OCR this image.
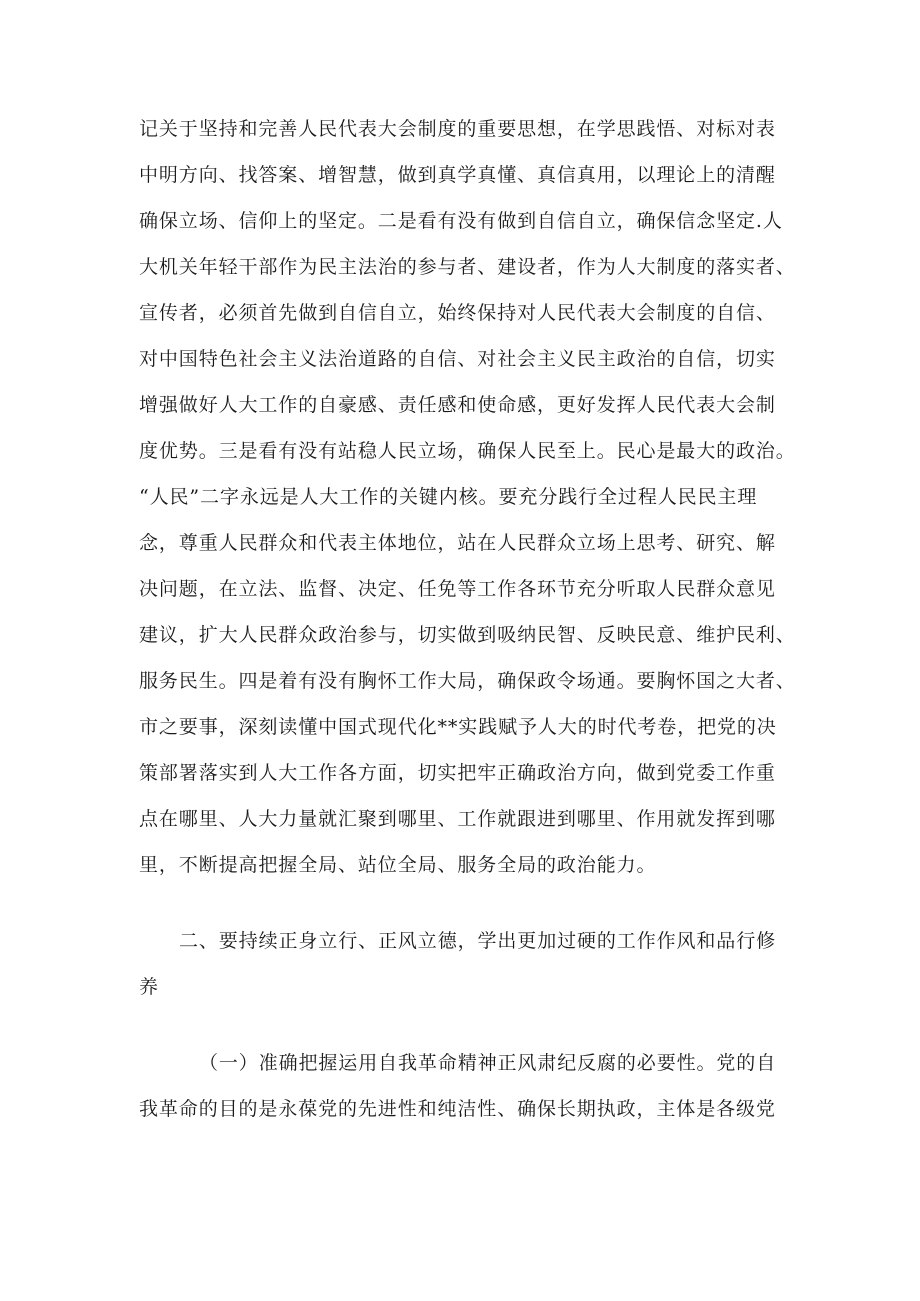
记关于坚持和完善人民代表大会制度的重要思想，在学思践悟、对标对表
中明方向、找答案、增智慧，做到真学真懂、真信真用，以理论上的清醒
确保立场、信仰上的坚定。二是看有没有做到自信自立，确保信念坚定.人
大机关年轻干部作为民主法治的参与者、建设者，作为人大制度的落实者、
宣传者，必须首先做到自信自立，始终保持对人民代表大会制度的自信、
对中国特色社会主义法治道路的自信、对社会主义民主政治的自信，切实
增强做好人大工作的自豪感、责任感和使命感，更好发挥人民代表大会制
度优势。三是看有没有站稳人民立场，确保人民至上。民心是最大的政治。
“人民”二字永远是人大工作的关键内核。要充分践行全过程人民民主理
念，尊重人民群众和代表主体地位，站在人民群众立场上思考、研究、解
决问题，在立法、监督、决定、任免等工作各环节充分听取人民群众意见
建议，扩大人民群众政治参与，切实做到吸纳民智、反映民意、维护民利、
服务民生。四是着有没有胸怀工作大局，确保政令场通。要胸怀国之大者、
市之要事，深刻读懂中国式现代化**实践赋予人大的时代考卷，把党的决
策部署落实到人大工作各方面，切实把牢正确政治方向，做到党委工作重
点在哪里、人大力量就汇聚到哪里、工作就跟进到哪里、作用就发挥到哪
里，不断提高把握全局、站位全局、服务全局的政治能力。
二、要持续正身立行、正风立德，学出更加过硬的工作作风和品行修
养
（一）准确把握运用自我革命精神正风肃纪反腐的必要性。党的自
我革命的目的是永葆党的先进性和纯洁性、确保长期执政，主体是各级党
